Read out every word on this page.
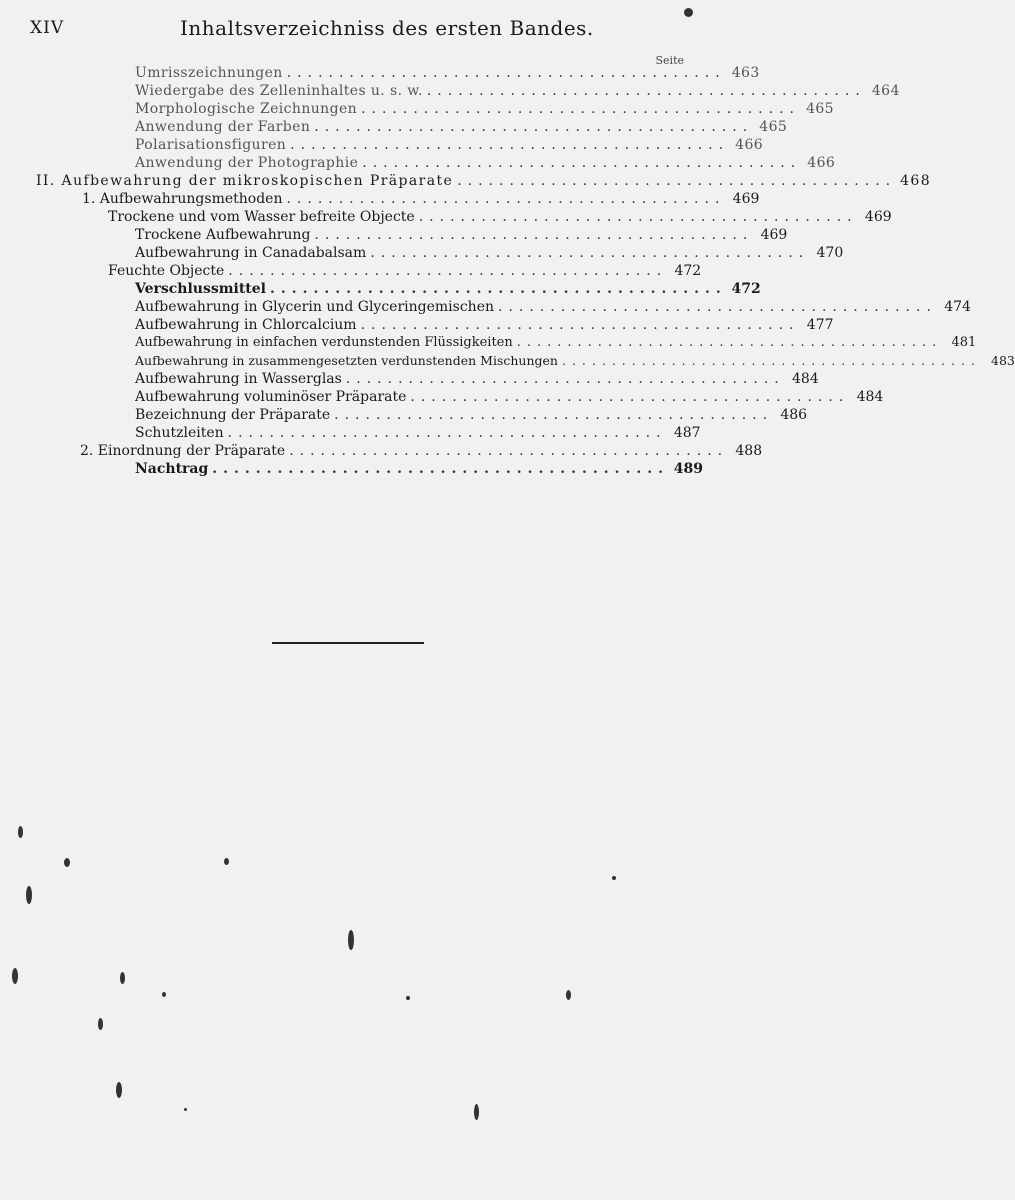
XIV	Inhaltsverzeichniss des ersten Bandes.
Seite
Umrisszeichnungen .......................................... 463
Wiedergabe des Zelleninhaltes u. s. w. .......................................... 464
Morphologische Zeichnungen .......................................... 465
Anwendung der Farben .......................................... 465
Polarisationsfiguren .......................................... 466
Anwendung der Photographie .......................................... 466
II. Aufbewahrung der mikroskopischen Präparate .......................................... 468
1. Aufbewahrungsmethoden .......................................... 469
Trockene und vom Wasser befreite Objecte .......................................... 469
Trockene Aufbewahrung .......................................... 469
Aufbewahrung in Canadabalsam .......................................... 470
Feuchte Objecte .......................................... 472
Verschlussmittel .......................................... 472
Aufbewahrung in Glycerin und Glyceringemischen .......................................... 474
Aufbewahrung in Chlorcalcium .......................................... 477
Aufbewahrung in einfachen verdunstenden Flüssigkeiten .......................................... 481
Aufbewahrung in zusammengesetzten verdunstenden Mischungen .......................................... 483
Aufbewahrung in Wasserglas .......................................... 484
Aufbewahrung voluminöser Präparate .......................................... 484
Bezeichnung der Präparate .......................................... 486
Schutzleiten .......................................... 487
2. Einordnung der Präparate .......................................... 488
Nachtrag .......................................... 489
